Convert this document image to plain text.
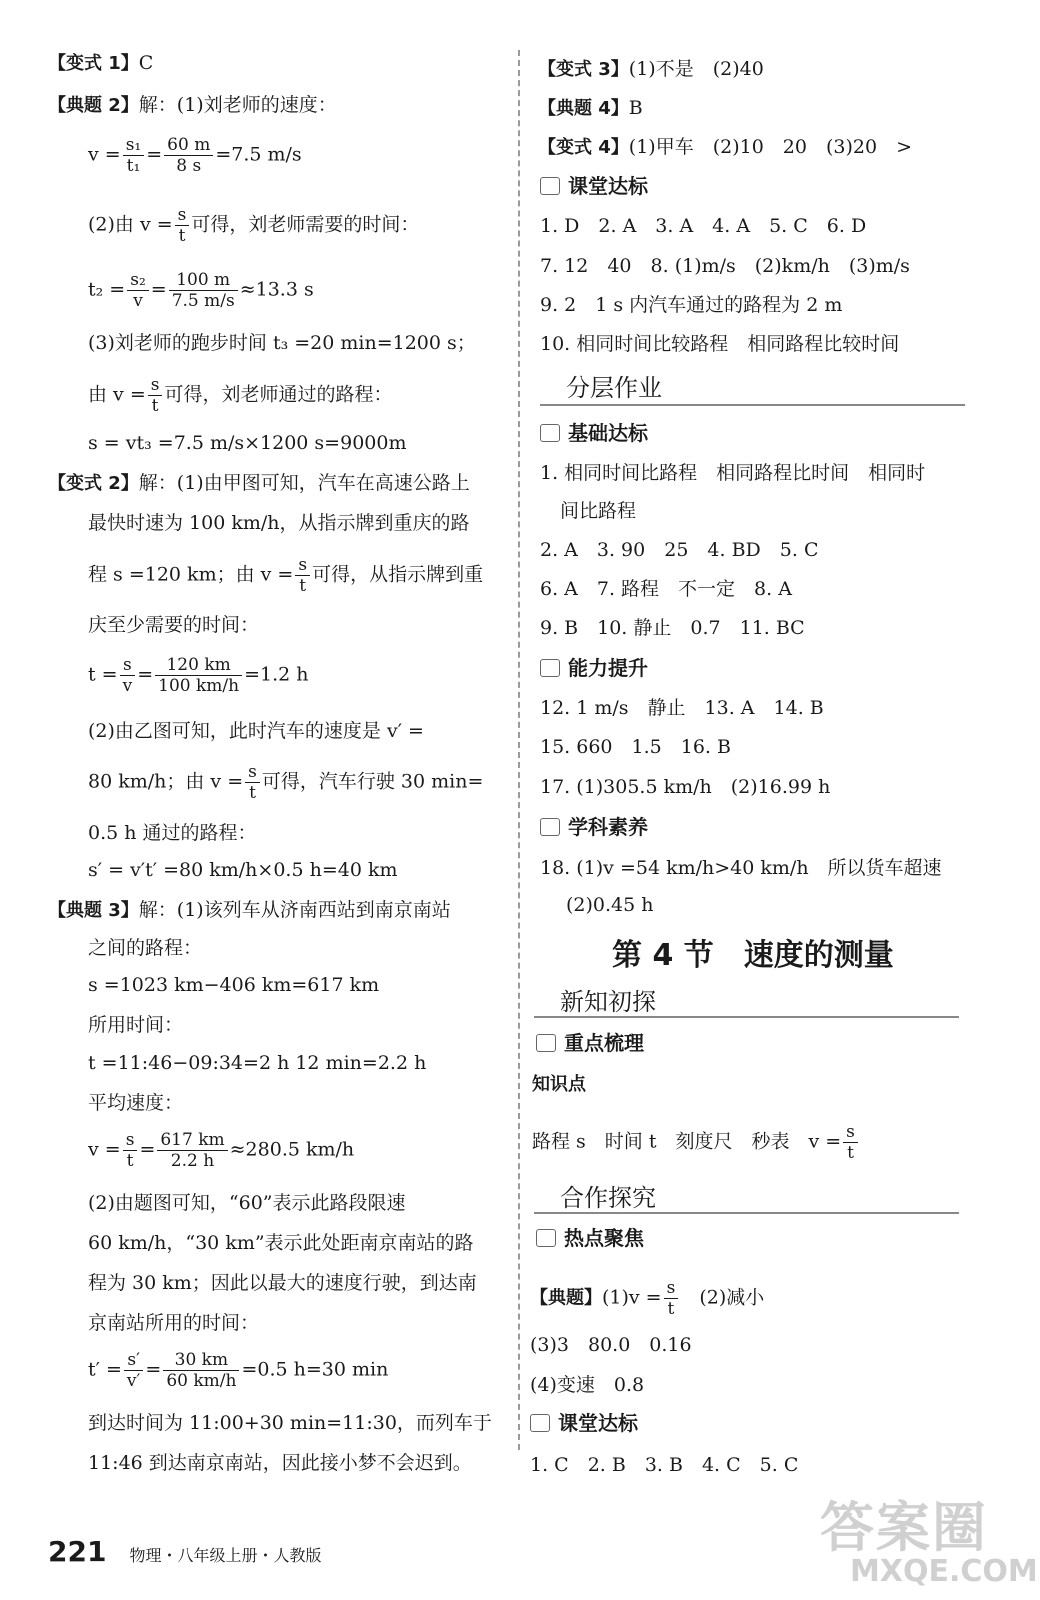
【变式 1】C
【典题 2】解：(1)刘老师的速度：
$v = \frac{\text{s₁}}{\text{t₁}} = \frac{60 m}{8 s} =7.5$ m/s
(2)由 $v = \frac{s}{t}$ 可得，刘老师需要的时间：
$t_2 = \frac{\text{s₂}}{v} = \frac{100 m}{7.5 m/s} \approx 13.3$ s
(3)刘老师的跑步时间 t₃ =20 min=1200 s；
由 $v = \frac{s}{t}$ 可得，刘老师通过的路程：
s = vt₃ =7.5 m/s×1200 s=9000m
【变式 2】解：(1)由甲图可知，汽车在高速公路上
最快时速为 100 km/h，从指示牌到重庆的路
程 s =120 km；由 $v = \frac{s}{t}$ 可得，从指示牌到重
庆至少需要的时间：
$t = \frac{s}{v} = \frac{120 km}{100 km/h} =1.2$ h
(2)由乙图可知，此时汽车的速度是 v′ =
80 km/h；由 $v = \frac{s}{t}$ 可得，汽车行驶 30 min=
0.5 h 通过的路程：
s′ = v′t′ =80 km/h×0.5 h=40 km
【典题 3】解：(1)该列车从济南西站到南京南站
之间的路程：
s =1023 km−406 km=617 km
所用时间：
t =11:46−09:34=2 h 12 min=2.2 h
平均速度：
$v = \frac{s}{t} = \frac{617 km}{2.2 h} \approx 280.5$ km/h
(2)由题图可知，“60”表示此路段限速
60 km/h，“30 km”表示此处距南京南站的路
程为 30 km；因此以最大的速度行驶，到达南
京南站所用的时间：
$t' = \frac{s'}{v'} = \frac{30 km}{60 km/h} =0.5$ h=30 min
到达时间为 11:00+30 min=11:30，而列车于
11:46 到达南京南站，因此接小梦不会迟到。
【变式 3】(1)不是　(2)40
【典题 4】B
【变式 4】(1)甲车　(2)10　20　(3)20　>
课堂达标
1. D　2. A　3. A　4. A　5. C　6. D
7. 12　40　8. (1)m/s　(2)km/h　(3)m/s
9. 2　1 s 内汽车通过的路程为 2 m
10. 相同时间比较路程　相同路程比较时间
分层作业
基础达标
1. 相同时间比路程　相同路程比时间　相同时
间比路程
2. A　3. 90　25　4. BD　5. C
6. A　7. 路程　不一定　8. A
9. B　10. 静止　0.7　11. BC
能力提升
12. 1 m/s　静止　13. A　14. B
15. 660　1.5　16. B
17. (1)305.5 km/h　(2)16.99 h
学科素养
18. (1)v =54 km/h>40 km/h　所以货车超速
(2)0.45 h
第 4 节　速度的测量
新知初探
重点梳理
知识点
路程 s　时间 t　刻度尺　秒表　$v = \frac{s}{t}$
合作探究
热点聚焦
【典题】$(1)v = \frac{s}{t}$ 　(2)减小
(3)3　80.0　0.16
(4)变速　0.8
课堂达标
1. C　2. B　3. B　4. C　5. C
221 物理・八年级上册・人教版	答案圈
MXQE.COM
